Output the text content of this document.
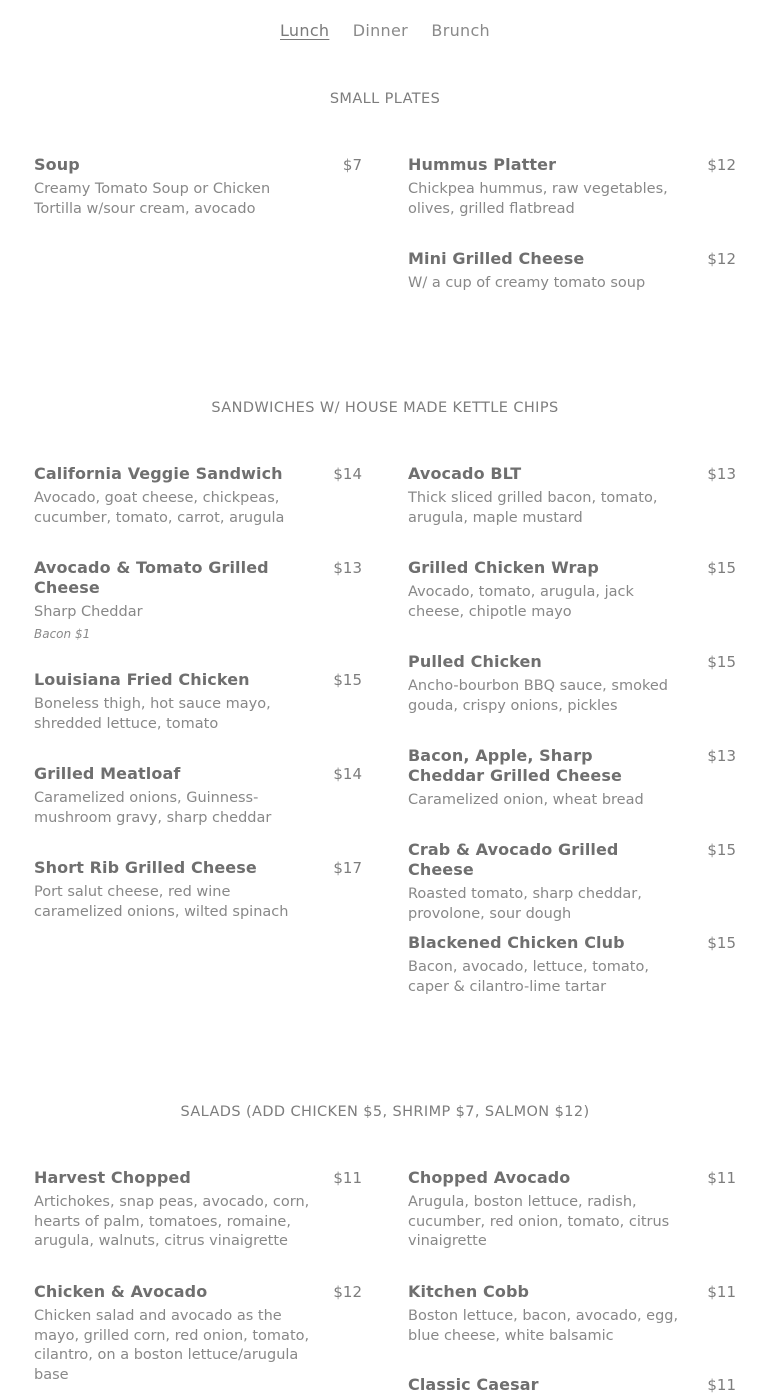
Lunch Dinner Brunch
SMALL PLATES
Soup	$7
Creamy Tomato Soup or Chicken Tortilla w/sour cream, avocado
Hummus Platter	$12
Chickpea hummus, raw vegetables, olives, grilled flatbread
Mini Grilled Cheese	$12
W/ a cup of creamy tomato soup
SANDWICHES W/ HOUSE MADE KETTLE CHIPS
California Veggie Sandwich	$14
Avocado, goat cheese, chickpeas, cucumber, tomato, carrot, arugula
Avocado & Tomato Grilled Cheese
$13
Sharp Cheddar
Bacon $1
Louisiana Fried Chicken	$15
Boneless thigh, hot sauce mayo, shredded lettuce, tomato
Grilled Meatloaf	$14
Caramelized onions, Guinness-mushroom gravy, sharp cheddar
Short Rib Grilled Cheese	$17
Port salut cheese, red wine caramelized onions, wilted spinach
Avocado BLT	$13
Thick sliced grilled bacon, tomato, arugula, maple mustard
Grilled Chicken Wrap	$15
Avocado, tomato, arugula, jack cheese, chipotle mayo
Pulled Chicken	$15
Ancho-bourbon BBQ sauce, smoked gouda, crispy onions, pickles
Bacon, Apple, Sharp Cheddar Grilled Cheese
$13
Caramelized onion, wheat bread
Crab & Avocado Grilled Cheese
$15
Roasted tomato, sharp cheddar, provolone, sour dough
Blackened Chicken Club	$15
Bacon, avocado, lettuce, tomato, caper & cilantro-lime tartar
SALADS (ADD CHICKEN $5, SHRIMP $7, SALMON $12)
Harvest Chopped	$11
Artichokes, snap peas, avocado, corn, hearts of palm, tomatoes, romaine, arugula, walnuts, citrus vinaigrette
Chicken & Avocado	$12
Chicken salad and avocado as the mayo, grilled corn, red onion, tomato, cilantro, on a boston lettuce/arugula base
Chopped Avocado	$11
Arugula, boston lettuce, radish, cucumber, red onion, tomato, citrus vinaigrette
Kitchen Cobb	$11
Boston lettuce, bacon, avocado, egg, blue cheese, white balsamic
Classic Caesar	$11
